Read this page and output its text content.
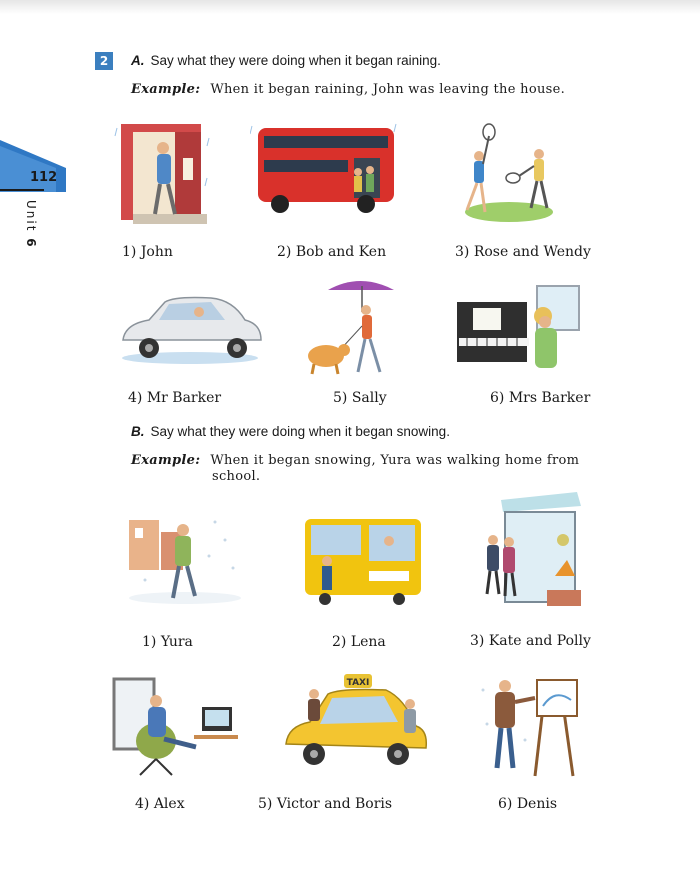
112
Unit 6
2	A. Say what they were doing when it began raining.
Example: When it began raining, John was leaving the house.
1) John	2) Bob and Ken	3) Rose and Wendy
4) Mr Barker	5) Sally	6) Mrs Barker
B. Say what they were doing when it began snowing.
Example: When it began snowing, Yura was walking home from
school.
1) Yura	2) Lena	3) Kate and Polly
4) Alex
TAXI
5) Victor and Boris	6) Denis
